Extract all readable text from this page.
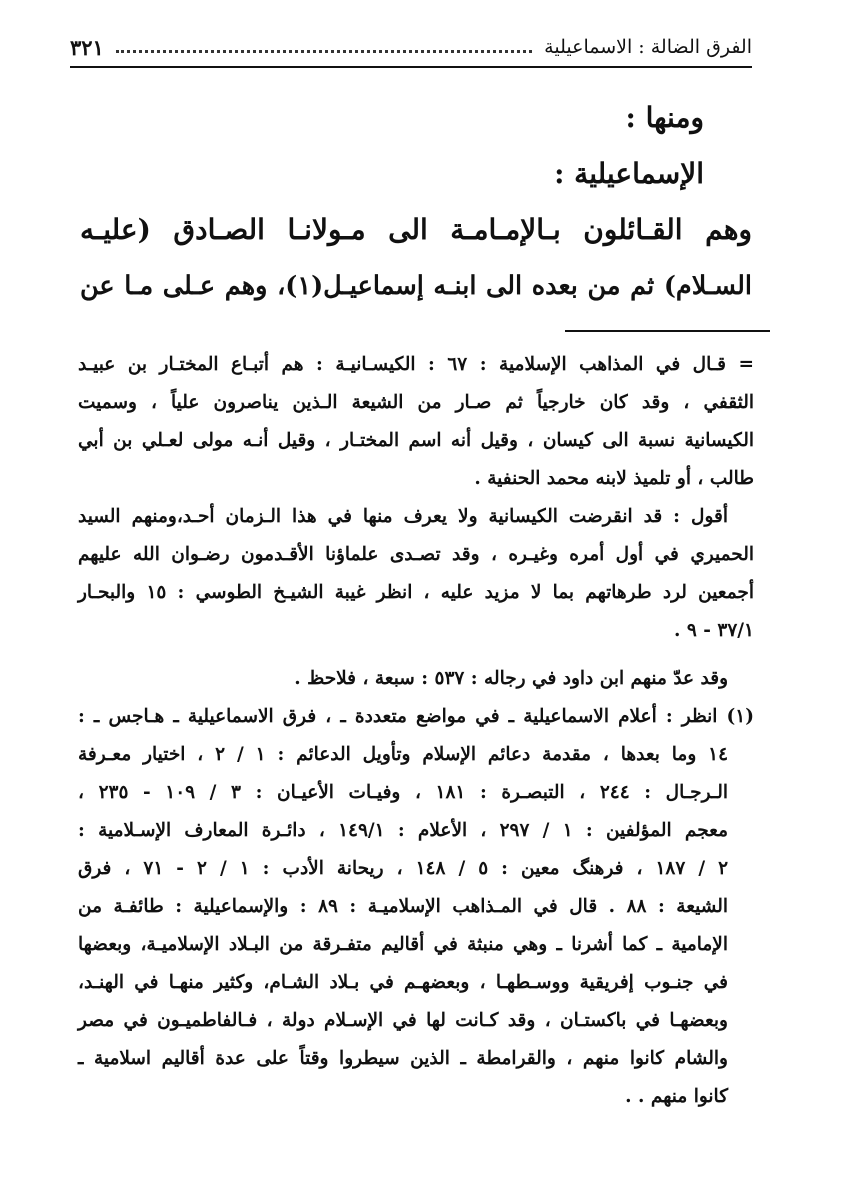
الفرق الضالة : الاسماعيلية
٣٢١

ومنها :

الإسماعيلية :

وهم القـائلون بـالإمـامـة الى مـولانـا الصـادق (عليـه

السـلام) ثم من بعده الى ابنـه إسماعيـل(١)، وهم عـلى مـا عن

= قـال في المذاهب الإسلامية : ٦٧ : الكيسـانيـة : هم أتبـاع المختـار بن عبيـد
الثقفي ، وقد كان خارجياً ثم صـار من الشيعة الـذين يناصرون علياً ، وسميت
الكيسانية نسبة الى كيسان ، وقيل أنه اسم المختـار ، وقيل أنـه مولى لعـلي بن أبي
طالب ، أو تلميذ لابنه محمد الحنفية .
أقول : قد انقرضت الكيسانية ولا يعرف منها في هذا الـزمان أحـد،ومنهم السيد
الحميري في أول أمره وغيـره ، وقد تصـدى علماؤنا الأقـدمون رضـوان الله عليهم
أجمعين لرد طرهاتهم بما لا مزيد عليه ، انظر غيبة الشيـخ الطوسي : ١٥ والبحـار
٣٧/١ - ٩ .
وقد عدّ منهم ابن داود في رجاله : ٥٣٧ : سبعة ، فلاحظ .
(١) انظر : أعلام الاسماعيلية ـ في مواضع متعددة ـ ، فرق الاسماعيلية ـ هـاجس ـ :
١٤ وما بعدها ، مقدمة دعائم الإسلام وتأويل الدعائم : ١ / ٢ ، اختيار معـرفة
الـرجـال : ٢٤٤ ، التبصـرة : ١٨١ ، وفيـات الأعيـان : ٣ / ١٠٩ - ٢٣٥ ،
معجم المؤلفين : ١ / ٢٩٧ ، الأعلام : ١٤٩/١ ، دائـرة المعارف الإسـلامية :
٢ / ١٨٧ ، فرهنگ معين : ٥ / ١٤٨ ، ريحانة الأدب : ١ / ٢ - ٧١ ، فرق
الشيعة : ٨٨ . قال في المـذاهب الإسلاميـة : ٨٩ : والإسماعيلية : طائفـة من
الإمامية ـ كما أشرنا ـ وهي منبثة في أقاليم متفـرقة من البـلاد الإسلاميـة، وبعضها
في جنـوب إفريقية ووسـطهـا ، وبعضهـم في بـلاد الشـام، وكثير منهـا في الهنـد،
وبعضهـا في باكستـان ، وقد كـانت لها في الإسـلام دولة ، فـالفاطميـون في مصر
والشام كانوا منهم ، والقرامطة ـ الذين سيطروا وقتاً على عدة أقاليم اسلامية ـ
كانوا منهم . .
